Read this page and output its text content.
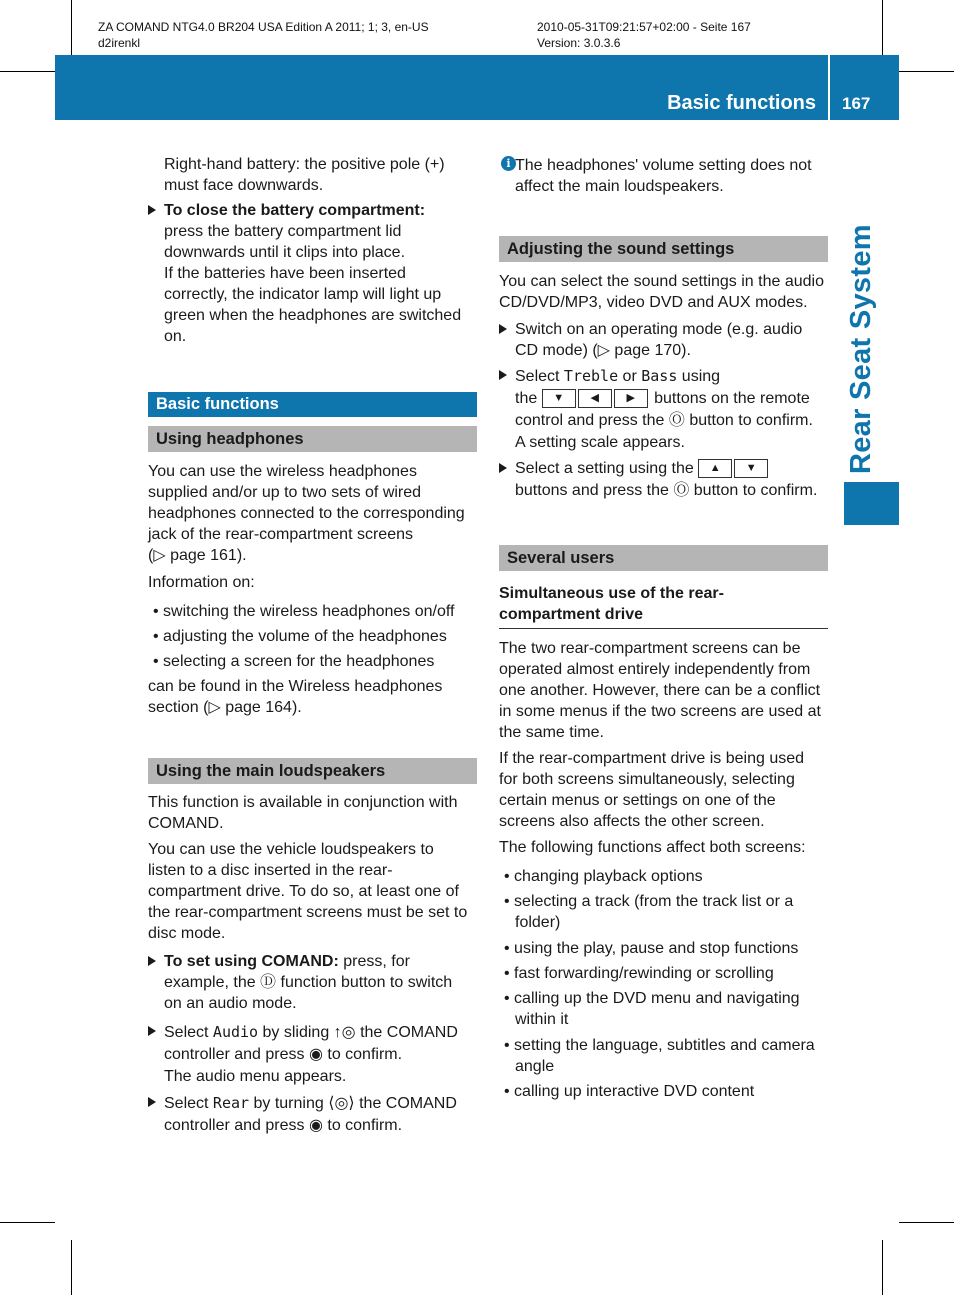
ZA COMAND NTG4.0 BR204 USA Edition A 2011; 1; 3, en-US
d2irenkl
2010-05-31T09:21:57+02:00 - Seite 167
Version: 3.0.3.6
Basic functions 167
Rear Seat System

Right-hand battery: the positive pole (+)

must face downwards.

To close the battery compartment:

press the battery compartment lid

downwards until it clips into place.

If the batteries have been inserted

correctly, the indicator lamp will light up

green when the headphones are switched

on.

Basic functions
Using headphones

You can use the wireless headphones

supplied and/or up to two sets of wired

headphones connected to the corresponding

jack of the rear-compartment screens

(▷ page 161).

Information on:

• switching the wireless headphones on/off
• adjusting the volume of the headphones
• selecting a screen for the headphones

can be found in the Wireless headphones

section (▷ page 164).

Using the main loudspeakers

This function is available in conjunction with

COMAND.

You can use the vehicle loudspeakers to

listen to a disc inserted in the rear-

compartment drive. To do so, at least one of

the rear-compartment screens must be set to

disc mode.

To set using COMAND: press, for

example, the Ⓓ function button to switch

on an audio mode.

Select Audio by sliding ↑◎ the COMAND

controller and press ◉ to confirm.

The audio menu appears.

Select Rear by turning ⟨◎⟩ the COMAND

controller and press ◉ to confirm.

i The headphones' volume setting does not

affect the main loudspeakers.

Adjusting the sound settings

You can select the sound settings in the audio

CD/DVD/MP3, video DVD and AUX modes.

Switch on an operating mode (e.g. audio

CD mode) (▷ page 170).

Select Treble or Bass using

the ▼ ◀	▶ buttons on the remote

control and press the Ⓞ button to confirm.

A setting scale appears.

Select a setting using the ▲ ▼

buttons and press the Ⓞ button to confirm.

Several users

Simultaneous use of the rear-

compartment drive

The two rear-compartment screens can be

operated almost entirely independently from

one another. However, there can be a conflict

in some menus if the two screens are used at

the same time.

If the rear-compartment drive is being used

for both screens simultaneously, selecting

certain menus or settings on one of the

screens also affects the other screen.

The following functions affect both screens:

• changing playback options
• selecting a track (from the track list or a
folder)
• using the play, pause and stop functions
• fast forwarding/rewinding or scrolling
• calling up the DVD menu and navigating
within it
• setting the language, subtitles and camera
angle
• calling up interactive DVD content
